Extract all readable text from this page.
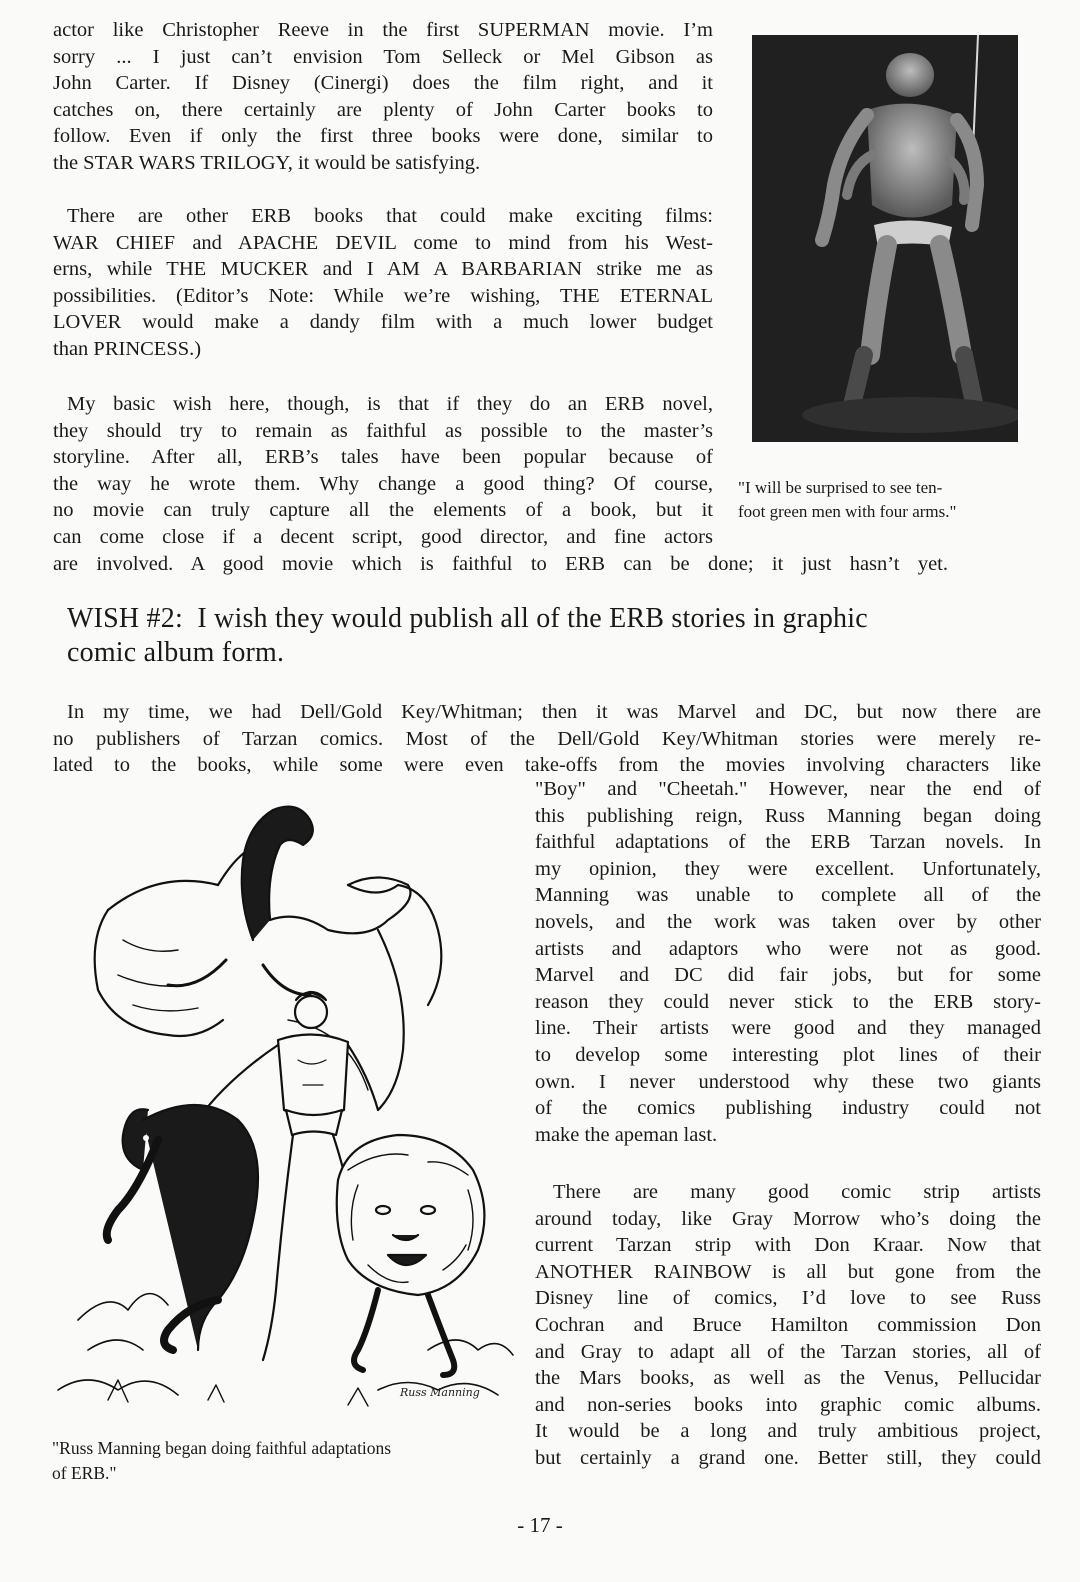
actor like Christopher Reeve in the first SUPERMAN movie. I’m
sorry ... I just can’t envision Tom Selleck or Mel Gibson as
John Carter. If Disney (Cinergi) does the film right, and it
catches on, there certainly are plenty of John Carter books to
follow. Even if only the first three books were done, similar to
the STAR WARS TRILOGY, it would be satisfying.
There are other ERB books that could make exciting films:
WAR CHIEF and APACHE DEVIL come to mind from his West-
erns, while THE MUCKER and I AM A BARBARIAN strike me as
possibilities. (Editor’s Note: While we’re wishing, THE ETERNAL
LOVER would make a dandy film with a much lower budget
than PRINCESS.)
My basic wish here, though, is that if they do an ERB novel,
they should try to remain as faithful as possible to the master’s
storyline. After all, ERB’s tales have been popular because of
the way he wrote them. Why change a good thing? Of course,
no movie can truly capture all the elements of a book, but it
can come close if a decent script, good director, and fine actors
are involved. A good movie which is faithful to ERB can be done; it just hasn’t yet.
"I will be surprised to see ten-
foot green men with four arms."
WISH #2:  I wish they would publish all of the ERB stories in graphic
comic album form.
In my time, we had Dell/Gold Key/Whitman; then it was Marvel and DC, but now there are
no publishers of Tarzan comics. Most of the Dell/Gold Key/Whitman stories were merely re-
lated to the books, while some were even take-offs from the movies involving characters like
"Boy" and "Cheetah." However, near the end of
this publishing reign, Russ Manning began doing
faithful adaptations of the ERB Tarzan novels. In
my opinion, they were excellent. Unfortunately,
Manning was unable to complete all of the
novels, and the work was taken over by other
artists and adaptors who were not as good.
Marvel and DC did fair jobs, but for some
reason they could never stick to the ERB story-
line. Their artists were good and they managed
to develop some interesting plot lines of their
own. I never understood why these two giants
of the comics publishing industry could not
make the apeman last.
There are many good comic strip artists
around today, like Gray Morrow who’s doing the
current Tarzan strip with Don Kraar. Now that
ANOTHER RAINBOW is all but gone from the
Disney line of comics, I’d love to see Russ
Cochran and Bruce Hamilton commission Don
and Gray to adapt all of the Tarzan stories, all of
the Mars books, as well as the Venus, Pellucidar
and non-series books into graphic comic albums.
It would be a long and truly ambitious project,
but certainly a grand one. Better still, they could
Russ Manning
"Russ Manning began doing faithful adaptations
of ERB."

- 17 -
